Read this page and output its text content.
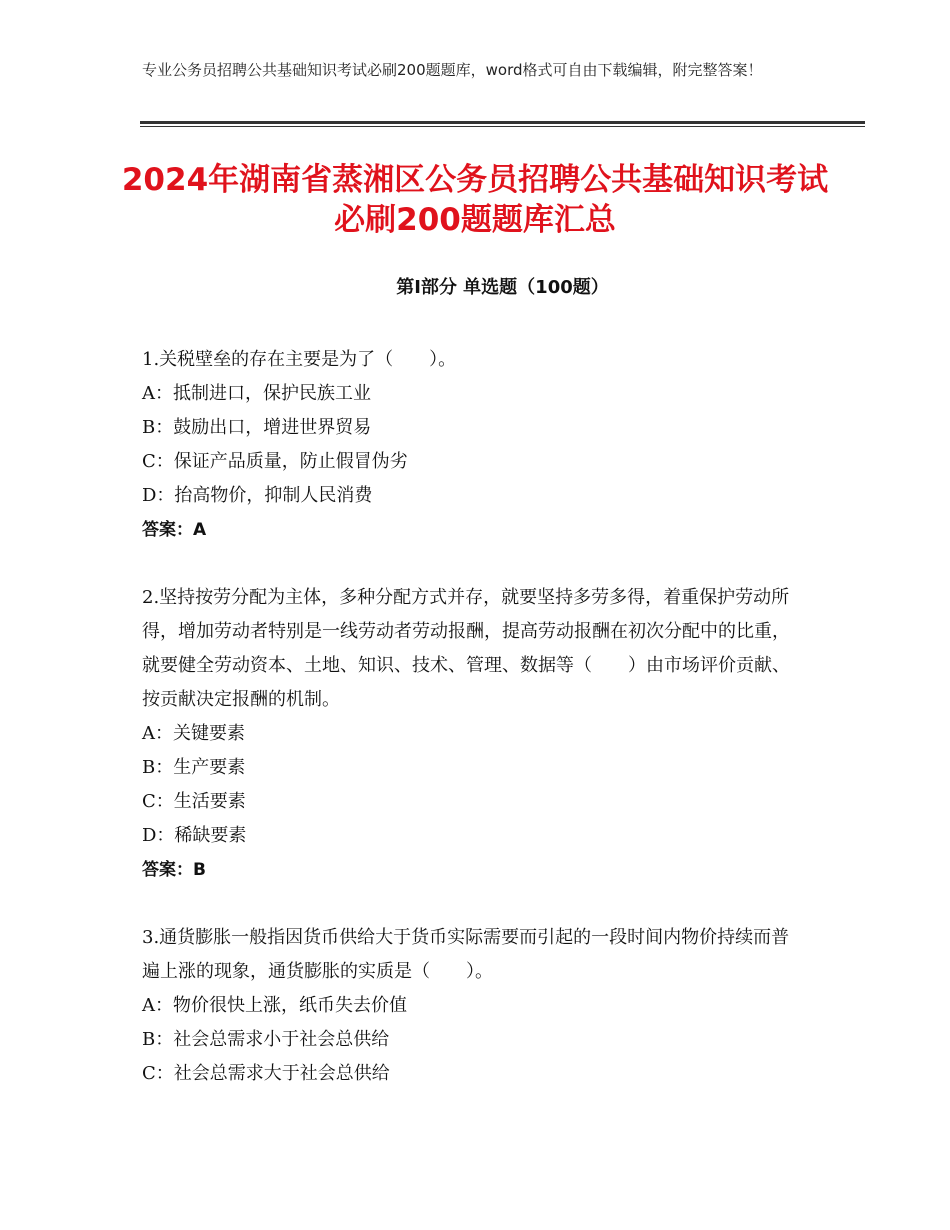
专业公务员招聘公共基础知识考试必刷200题题库，word格式可自由下载编辑，附完整答案！
2024年湖南省蒸湘区公务员招聘公共基础知识考试必刷200题题库汇总
第Ⅰ部分 单选题（100题）

1.关税壁垒的存在主要是为了（　　）。

A：抵制进口，保护民族工业

B：鼓励出口，增进世界贸易

C：保证产品质量，防止假冒伪劣

D：抬高物价，抑制人民消费

答案：A

2.坚持按劳分配为主体，多种分配方式并存，就要坚持多劳多得，着重保护劳动所得，增加劳动者特别是一线劳动者劳动报酬，提高劳动报酬在初次分配中的比重，就要健全劳动资本、土地、知识、技术、管理、数据等（　　）由市场评价贡献、按贡献决定报酬的机制。

A：关键要素

B：生产要素

C：生活要素

D：稀缺要素

答案：B

3.通货膨胀一般指因货币供给大于货币实际需要而引起的一段时间内物价持续而普遍上涨的现象，通货膨胀的实质是（　　）。

A：物价很快上涨，纸币失去价值

B：社会总需求小于社会总供给

C：社会总需求大于社会总供给
